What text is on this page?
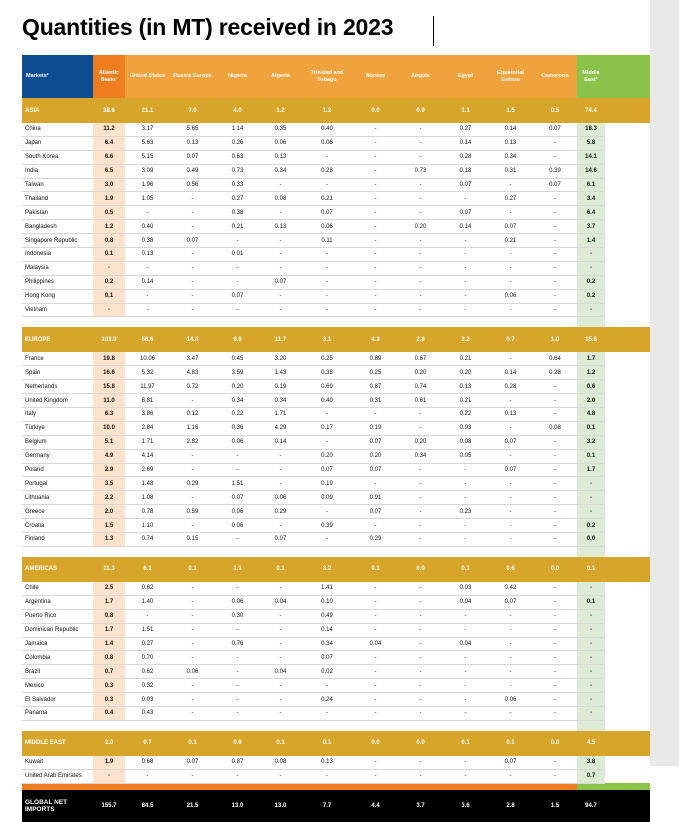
Quantities (in MT) received in 2023
Markets²	Atlantic Basin¹	United States	Russia Europe	Nigeria	Algeria	Trinidad and Tobago	Norway	Angola	Egypt	Equatorial Guinea	Cameroon	Middle East¹	
ASIA	38.6	21.1	7.0	4.0	1.2	1.2	0.0	0.9	1.1	1.5	0.5	74.4	
China	11.2	3.17	5.65	1.14	0.35	0.40	-	-	0.27	0.14	0.07	18.3	
Japan	6.4	5.63	0.13	0.26	0.06	0.06	-	-	0.14	0.13	-	5.8	
South Korea	6.6	5.15	0.07	0.63	0.13	-	-	-	0.28	0.34	-	14.1	
India	6.5	3.09	0.49	0.73	0.34	0.28	-	0.73	0.18	0.31	0.39	14.6	
Taiwan	3.0	1.96	0.56	0.33	-	-	-	-	0.07	-	0.07	6.1	
Thailand	1.9	1.05	-	0.27	0.08	0.21	-	-	-	0.27	-	3.4	
Pakistan	0.5	-	-	0.38	-	0.07	-	-	0.07	-	-	6.4	
Bangladesh	1.2	0.40	-	0.21	0.13	0.06	-	0.20	0.14	0.07	-	3.7	
Singapore Republic	0.8	0.38	0.07	-	-	0.11	-	-	-	0.21	-	1.4	
Indonesia	0.1	0.13	-	0.01	-	-	-	-	-	-	-	-	
Malaysia	-	-	-	-	-	-	-	-	-	-	-	-	
Philippines	0.2	0.14	-	-	0.07	-	-	-	-	-	-	0.2	
Hong Kong	0.1	-	-	0.07	-	-	-	-	-	0.06	-	0.2	
Vietnam	-	-	-	-	-	-	-	-	-	-	-	-	

EUROPE	103.9	56.6	14.4	6.9	11.7	3.1	4.3	2.8	2.2	0.7	1.0	15.6	
France	19.8	10.06	3.47	0.45	3.20	0.25	0.89	0.67	0.21	-	0.64	1.7	
Spain	16.6	5.32	4.83	3.59	1.43	0.38	0.25	0.20	0.20	0.14	0.28	1.2	
Netherlands	15.8	11.97	0.72	0.20	0.19	0.69	0.87	0.74	0.13	0.28	-	0.6	
United Kingdom	11.0	8.81	-	0.34	0.34	0.40	0.31	0.61	0.21	-	-	2.0	
Italy	6.3	3.86	0.12	0.22	1.71	-	-	-	0.22	0.13	-	4.8	
Türkiye	10.0	2.84	1.16	0.36	4.29	0.17	0.19	-	0.93	-	0.08	0.1	
Belgium	5.1	1.71	2.82	0.06	0.14	-	0.07	0.20	0.08	0.07	-	3.2	
Germany	4.9	4.14	-	-	-	0.20	0.20	0.34	0.05	-	-	0.1	
Poland	2.9	2.69	-	-	-	0.07	0.07	-	-	0.07	-	1.7	
Portugal	3.5	1.48	0.29	1.51	-	0.19	-	-	-	-	-	-	
Lithuania	2.2	1.08	-	0.07	0.06	0.09	0.91	-	-	-	-	-	
Greece	2.0	0.78	0.59	0.06	0.29	-	0.07	-	0.23	-	-	-	
Croatia	1.5	1.10	-	0.06	-	0.39	-	-	-	-	-	0.2	
Finland	1.3	0.74	0.15	-	0.07	-	0.29	-	-	-	-	0.0	

AMERICAS	11.3	6.1	0.1	1.1	0.1	3.2	0.1	0.0	0.1	0.6	0.0	0.1	
Chile	2.5	0.62	-	-	-	1.41	-	-	0.03	0.42	-	-	
Argentina	1.7	1.40	-	0.06	0.04	0.10	-	-	0.04	0.07	-	0.1	
Puerto Rico	0.8	-	-	0.30	-	0.49	-	-	-	-	-	-	
Dominican Republic	1.7	1.51	-	-	-	0.14	-	-	-	-	-	-	
Jamaica	1.4	0.27	-	0.76	-	0.34	0.04	-	0.04	-	-	-	
Colombia	0.8	0.70	-	-	-	0.07	-	-	-	-	-	-	
Brazil	0.7	0.62	0.06	-	0.04	0.02	-	-	-	-	-	-	
Mexico	0.3	0.32	-	-	-	-	-	-	-	-	-	-	
El Salvador	0.3	0.03	-	-	-	0.24	-	-	-	0.06	-	-	
Panama	0.4	0.43	-	-	-	-	-	-	-	-	-	-	

MIDDLE EAST	2.0	0.7	0.1	0.9	0.1	0.1	0.0	0.0	0.1	0.1	0.0	4.5	
Kuwait	1.9	0.68	0.07	0.87	0.08	0.13	-	-	-	0.07	-	3.8	
United Arab Emirates	-	-	-	-	-	-	-	-	-	-	-	0.7	

GLOBAL NET IMPORTS	155.7	84.5	21.5	13.0	13.0	7.7	4.4	3.7	3.6	2.8	1.5	94.7	
